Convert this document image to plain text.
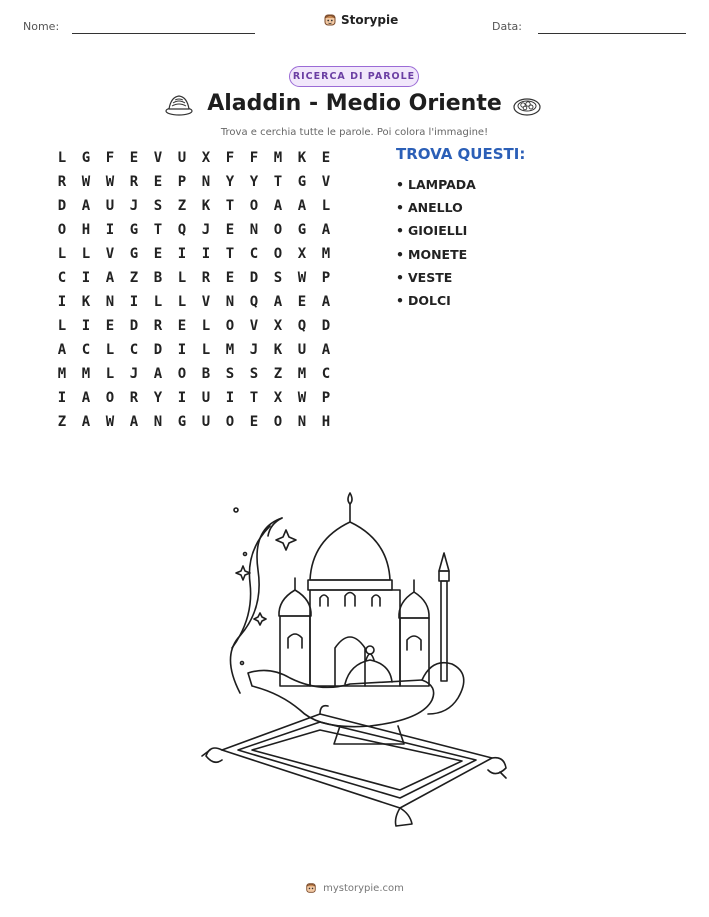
Nome:	Storypie	Data:
RICERCA DI PAROLE
Aladdin - Medio Oriente
Trova e cerchia tutte le parole. Poi colora l'immagine!
L	G	F	E	V	U	X	F	F	M	K	E
R	W	W	R	E	P	N	Y	Y	T	G	V
D	A	U	J	S	Z	K	T	O	A	A	L
O	H	I	G	T	Q	J	E	N	O	G	A
L	L	V	G	E	I	I	T	C	O	X	M
C	I	A	Z	B	L	R	E	D	S	W	P
I	K	N	I	L	L	V	N	Q	A	E	A
L	I	E	D	R	E	L	O	V	X	Q	D
A	C	L	C	D	I	L	M	J	K	U	A
M	M	L	J	A	O	B	S	S	Z	M	C
I	A	O	R	Y	I	U	I	T	X	W	P
Z	A	W	A	N	G	U	O	E	O	N	H
TROVA QUESTI:
• LAMPADA
• ANELLO
• GIOIELLI
• MONETE
• VESTE
• DOLCI
mystorypie.com
